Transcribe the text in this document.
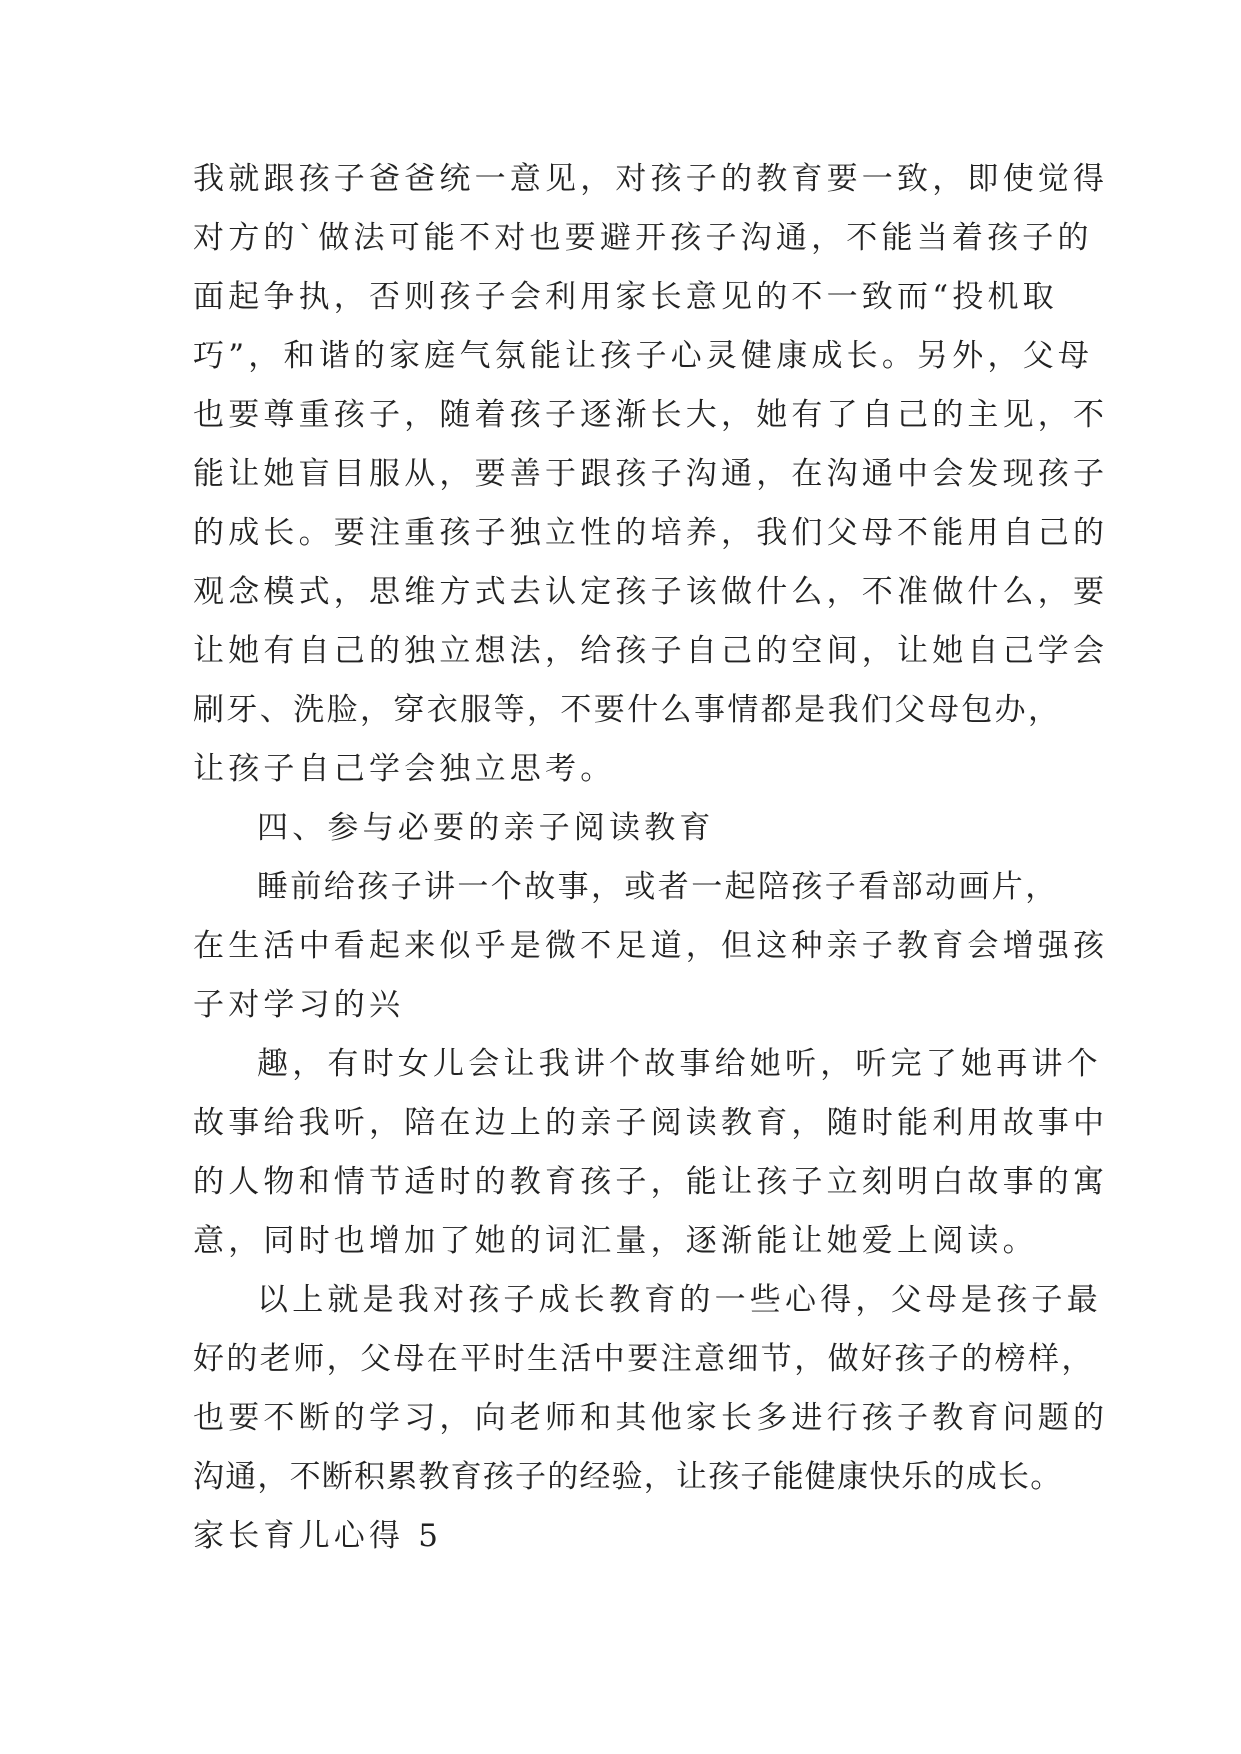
我就跟孩子爸爸统一意见，对孩子的教育要一致，即使觉得
对方的`做法可能不对也要避开孩子沟通，不能当着孩子的
面起争执，否则孩子会利用家长意见的不一致而“投机取
巧”，和谐的家庭气氛能让孩子心灵健康成长。另外，父母
也要尊重孩子，随着孩子逐渐长大，她有了自己的主见，不
能让她盲目服从，要善于跟孩子沟通，在沟通中会发现孩子
的成长。要注重孩子独立性的培养，我们父母不能用自己的
观念模式，思维方式去认定孩子该做什么，不准做什么，要
让她有自己的独立想法，给孩子自己的空间，让她自己学会
刷牙、洗脸，穿衣服等，不要什么事情都是我们父母包办，
让孩子自己学会独立思考。
四、参与必要的亲子阅读教育
睡前给孩子讲一个故事，或者一起陪孩子看部动画片，
在生活中看起来似乎是微不足道，但这种亲子教育会增强孩
子对学习的兴
趣，有时女儿会让我讲个故事给她听，听完了她再讲个
故事给我听，陪在边上的亲子阅读教育，随时能利用故事中
的人物和情节适时的教育孩子，能让孩子立刻明白故事的寓
意，同时也增加了她的词汇量，逐渐能让她爱上阅读。
以上就是我对孩子成长教育的一些心得，父母是孩子最
好的老师，父母在平时生活中要注意细节，做好孩子的榜样，
也要不断的学习，向老师和其他家长多进行孩子教育问题的
沟通，不断积累教育孩子的经验，让孩子能健康快乐的成长。
家长育儿心得 5
